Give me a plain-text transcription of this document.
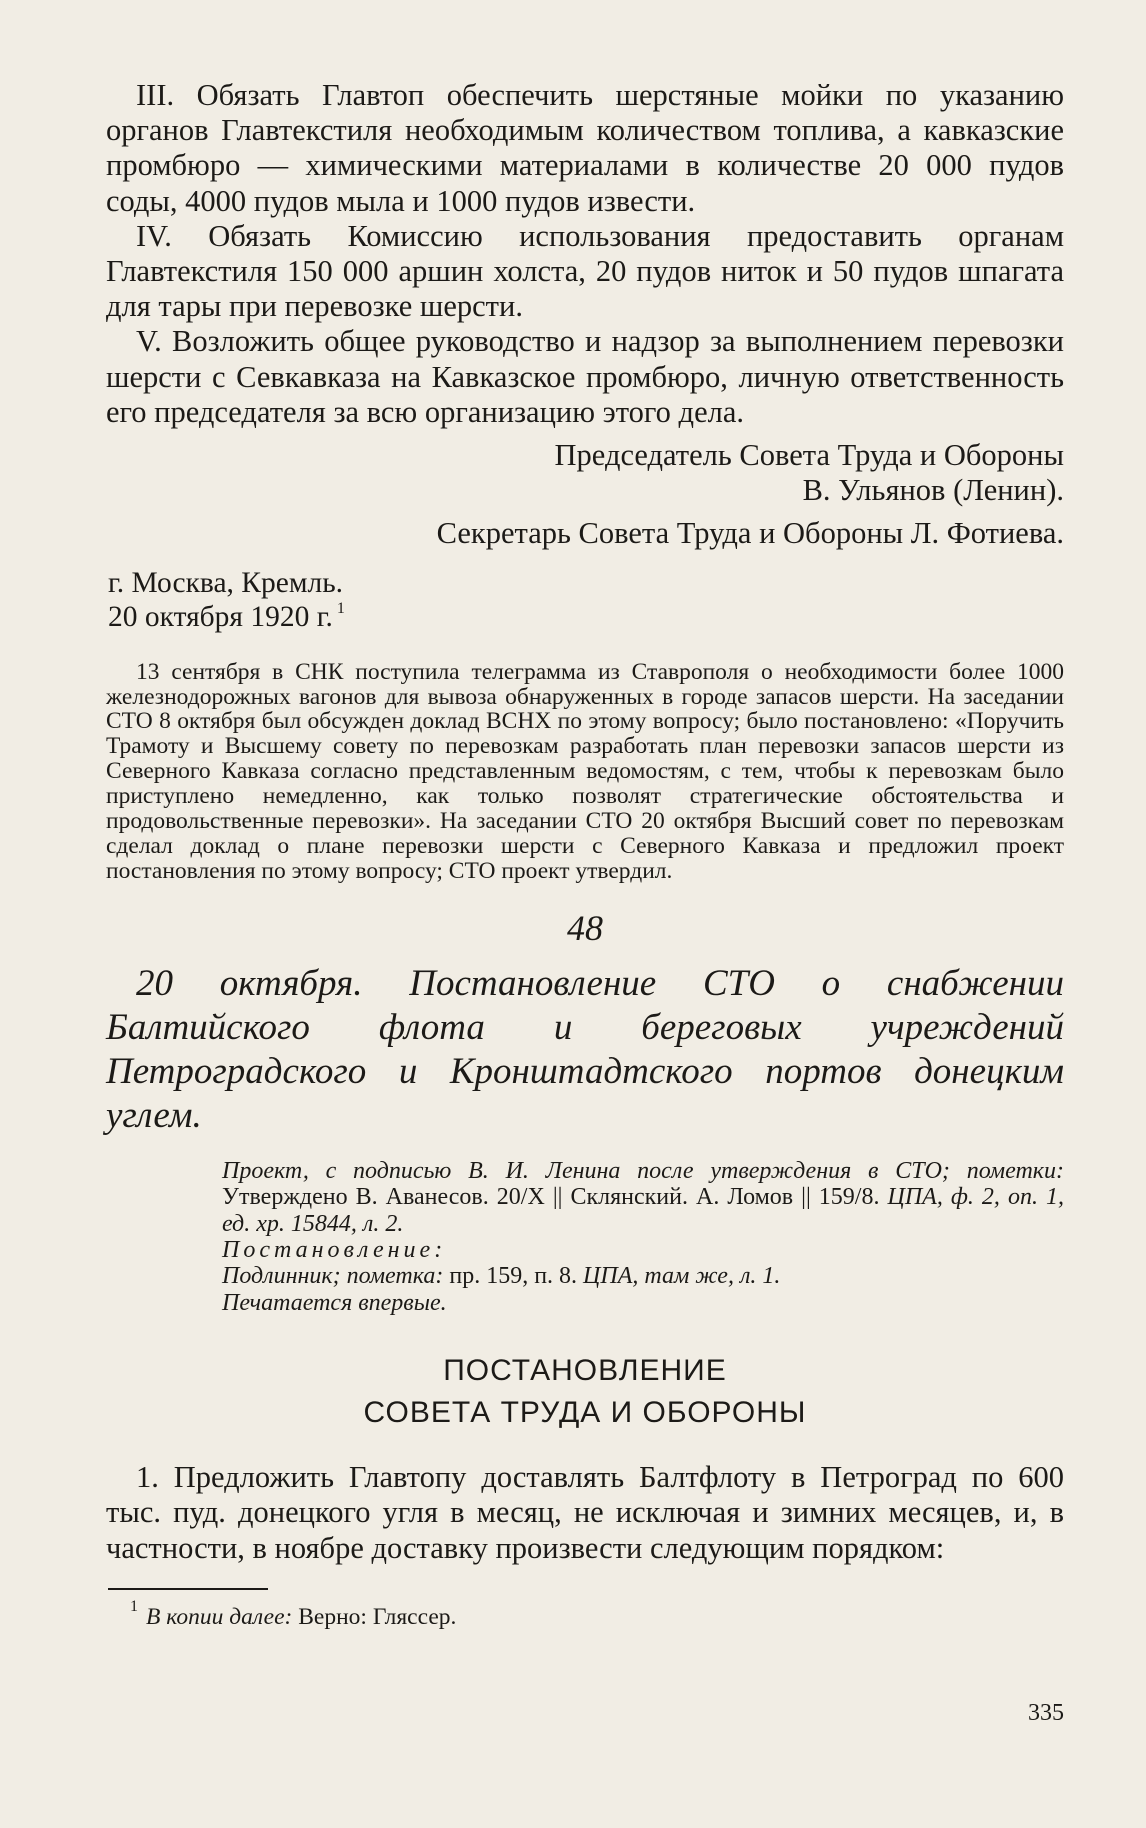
III. Обязать Главтоп обеспечить шерстяные мойки по указанию органов Главтекстиля необходимым количеством топлива, а кавказские промбюро — химическими материалами в количестве 20 000 пудов соды, 4000 пудов мыла и 1000 пудов извести.

IV. Обязать Комиссию использования предоставить органам Главтекстиля 150 000 аршин холста, 20 пудов ниток и 50 пудов шпагата для тары при перевозке шерсти.

V. Возложить общее руководство и надзор за выполнением перевозки шерсти с Севкавказа на Кавказское промбюро, личную ответственность его председателя за всю организацию этого дела.

Председатель Совета Труда и Обороны

В. Ульянов (Ленин).

Секретарь Совета Труда и Обороны Л. Фотиева.

г. Москва, Кремль.
20 октября 1920 г. $^1$

13 сентября в СНК поступила телеграмма из Ставрополя о необходимости более 1000 железнодорожных вагонов для вывоза обнаруженных в городе запасов шерсти. На заседании СТО 8 октября был обсужден доклад ВСНХ по этому вопросу; было постановлено: «Поручить Трамоту и Высшему совету по перевозкам разработать план перевозки запасов шерсти из Северного Кавказа согласно представленным ведомостям, с тем, чтобы к перевозкам было приступлено немедленно, как только позволят стратегические обстоятельства и продовольственные перевозки». На заседании СТО 20 октября Высший совет по перевозкам сделал доклад о плане перевозки шерсти с Северного Кавказа и предложил проект постановления по этому вопросу; СТО проект утвердил.

48
20 октября. Постановление СТО о снабжении Балтийского флота и береговых учреждений Петроградского и Кронштадтского портов донецким углем.
Проект, с подписью В. И. Ленина после утверждения в СТО; пометки: Утверждено В. Аванесов. 20/X || Склянский. А. Ломов || 159/8. ЦПА, ф. 2, оп. 1, ед. хр. 15844, л. 2.
Постановление:
Подлинник; пометка: пр. 159, п. 8. ЦПА, там же, л. 1.
Печатается впервые.
ПОСТАНОВЛЕНИЕ
СОВЕТА ТРУДА И ОБОРОНЫ

1. Предложить Главтопу доставлять Балтфлоту в Петроград по 600 тыс. пуд. донецкого угля в месяц, не исключая и зимних месяцев, и, в частности, в ноябре доставку произвести следующим порядком:

$^1$ В копии далее: Верно: Гляссер.
335
